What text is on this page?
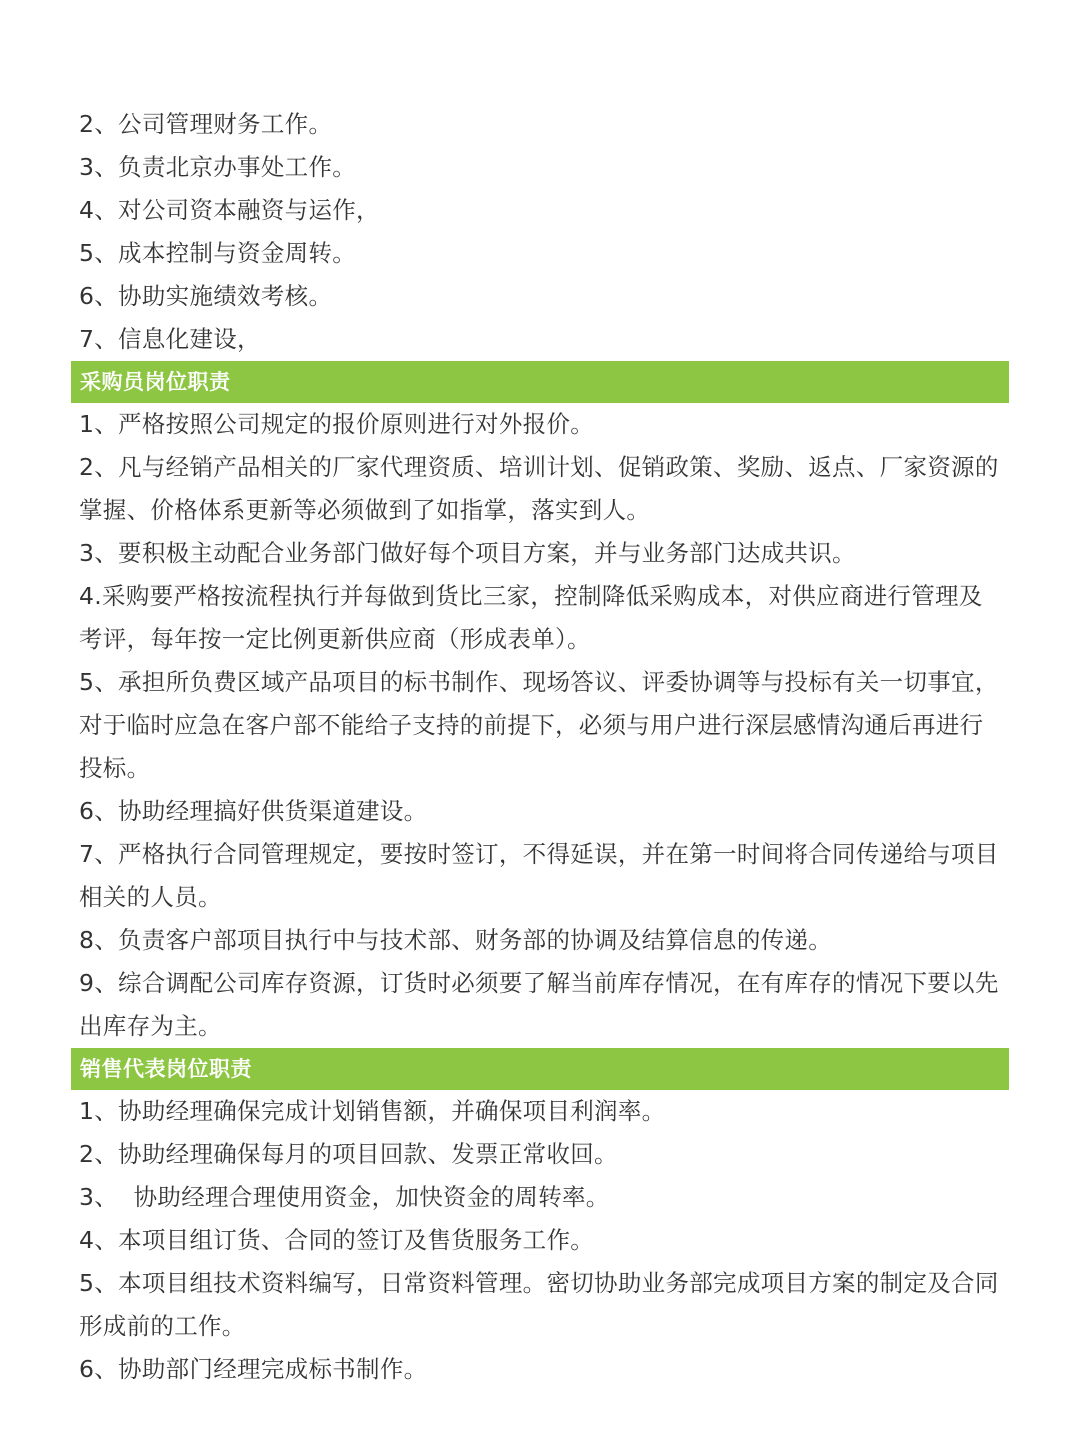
2、公司管理财务工作。
3、负责北京办事处工作。
4、对公司资本融资与运作，
5、成本控制与资金周转。
6、协助实施绩效考核。
7、信息化建设，
采购员岗位职责
1、严格按照公司规定的报价原则进行对外报价。
2、凡与经销产品相关的厂家代理资质、培训计划、促销政策、奖励、返点、厂家资源的掌握、价格体系更新等必须做到了如指掌，落实到人。
3、要积极主动配合业务部门做好每个项目方案，并与业务部门达成共识。
4.采购要严格按流程执行并每做到货比三家，控制降低采购成本，对供应商进行管理及考评，每年按一定比例更新供应商（形成表单）。
5、承担所负费区域产品项目的标书制作、现场答议、评委协调等与投标有关一切事宜，对于临时应急在客户部不能给子支持的前提下，必须与用户进行深层感情沟通后再进行投标。
6、协助经理搞好供货渠道建设。
7、严格执行合同管理规定，要按时签订，不得延误，并在第一时间将合同传递给与项目相关的人员。
8、负责客户部项目执行中与技术部、财务部的协调及结算信息的传递。
9、综合调配公司库存资源，订货时必须要了解当前库存情况，在有库存的情况下要以先出库存为主。
销售代表岗位职责
1、协助经理确保完成计划销售额，并确保项目利润率。
2、协助经理确保每月的项目回款、发票正常收回。
3、  协助经理合理使用资金，加快资金的周转率。
4、本项目组订货、合同的签订及售货服务工作。
5、本项目组技术资料编写，日常资料管理。密切协助业务部完成项目方案的制定及合同形成前的工作。
6、协助部门经理完成标书制作。
